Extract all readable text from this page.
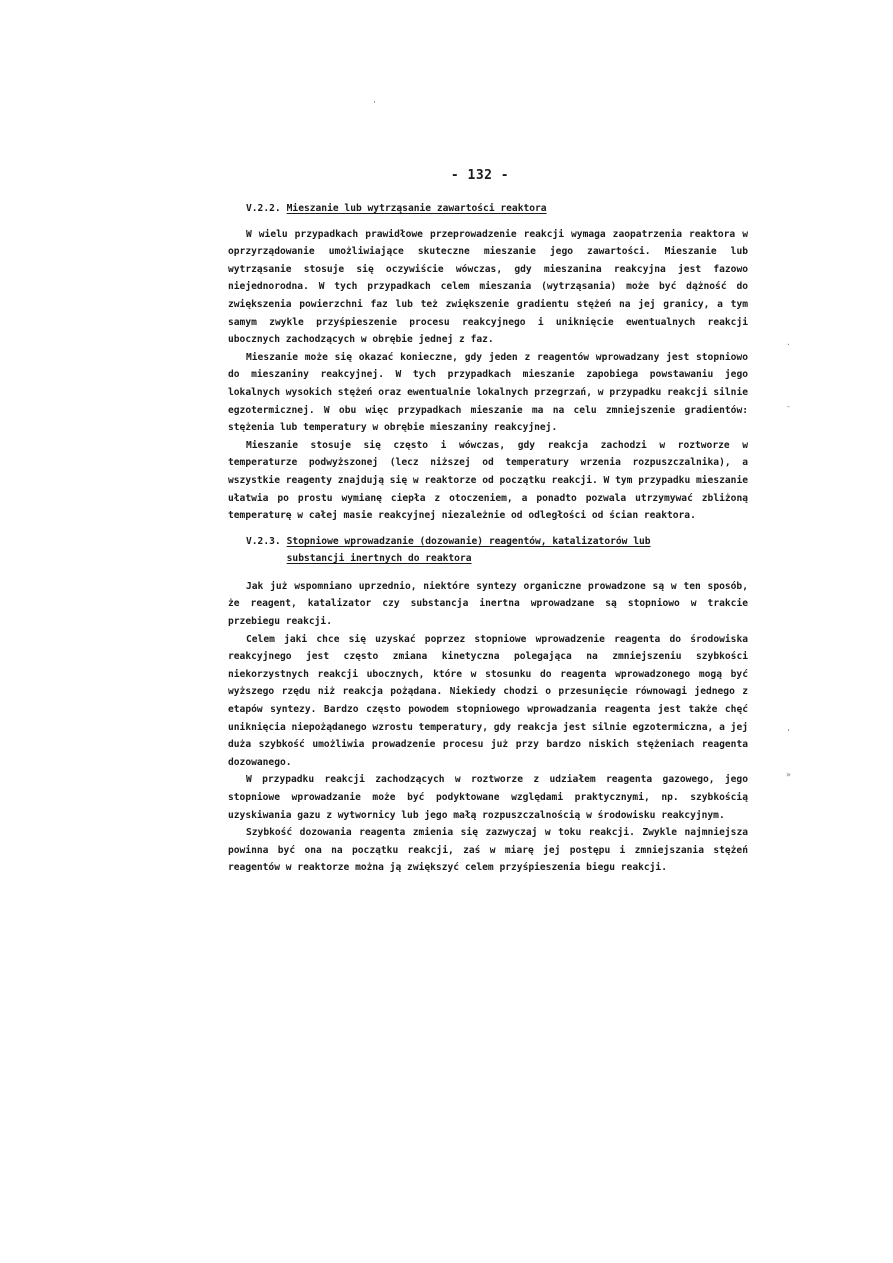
'
- 132 -
V.2.2. Mieszanie lub wytrząsanie zawartości reaktora

W wielu przypadkach prawidłowe przeprowadzenie reakcji wymaga zaopatrzenia reaktora w oprzyrządowanie umożliwiające skuteczne mieszanie jego zawartości. Mieszanie lub wytrząsanie stosuje się oczywiście wówczas, gdy mieszanina reakcyjna jest fazowo niejednorodna. W tych przypadkach celem mieszania (wytrząsania) może być dążność do zwiększenia powierzchni faz lub też zwiększenie gradientu stężeń na jej granicy, a tym samym zwykle przyśpieszenie procesu reakcyjnego i uniknięcie ewentualnych reakcji ubocznych zachodzących w obrębie jednej z faz.

Mieszanie może się okazać konieczne, gdy jeden z reagentów wprowadzany jest stopniowo do mieszaniny reakcyjnej. W tych przypadkach mieszanie zapobiega powstawaniu jego lokalnych wysokich stężeń oraz ewentualnie lokalnych przegrzań, w przypadku reakcji silnie egzotermicznej. W obu więc przypadkach mieszanie ma na celu zmniejszenie gradientów: stężenia lub temperatury w obrębie mieszaniny reakcyjnej.

Mieszanie stosuje się często i wówczas, gdy reakcja zachodzi w roztworze w temperaturze podwyższonej (lecz niższej od temperatury wrzenia rozpuszczalnika), a wszystkie reagenty znajdują się w reaktorze od początku reakcji. W tym przypadku mieszanie ułatwia po prostu wymianę ciepła z otoczeniem, a ponadto pozwala utrzymywać zbliżoną temperaturę w całej masie reakcyjnej niezależnie od odległości od ścian reaktora.

V.2.3. Stopniowe wprowadzanie (dozowanie) reagentów, katalizatorów lub
substancji inertnych do reaktora

Jak już wspomniano uprzednio, niektóre syntezy organiczne prowadzone są w ten sposób, że reagent, katalizator czy substancja inertna wprowadzane są stopniowo w trakcie przebiegu reakcji.

Celem jaki chce się uzyskać poprzez stopniowe wprowadzenie reagenta do środowiska reakcyjnego jest często zmiana kinetyczna polegająca na zmniejszeniu szybkości niekorzystnych reakcji ubocznych, które w stosunku do reagenta wprowadzonego mogą być wyższego rzędu niż reakcja pożądana. Niekiedy chodzi o przesunięcie równowagi jednego z etapów syntezy. Bardzo często powodem stopniowego wprowadzania reagenta jest także chęć uniknięcia niepożądanego wzrostu temperatury, gdy reakcja jest silnie egzotermiczna, a jej duża szybkość umożliwia prowadzenie procesu już przy bardzo niskich stężeniach reagenta dozowanego.

W przypadku reakcji zachodzących w roztworze z udziałem reagenta gazowego, jego stopniowe wprowadzanie może być podyktowane względami praktycznymi, np. szybkością uzyskiwania gazu z wytwornicy lub jego małą rozpuszczalnością w środowisku reakcyjnym.

Szybkość dozowania reagenta zmienia się zazwyczaj w toku reakcji. Zwykle najmniejsza powinna być ona na początku reakcji, zaś w miarę jej postępu i zmniejszania stężeń reagentów w reaktorze można ją zwiększyć celem przyśpieszenia biegu reakcji.

·
-
'
»
